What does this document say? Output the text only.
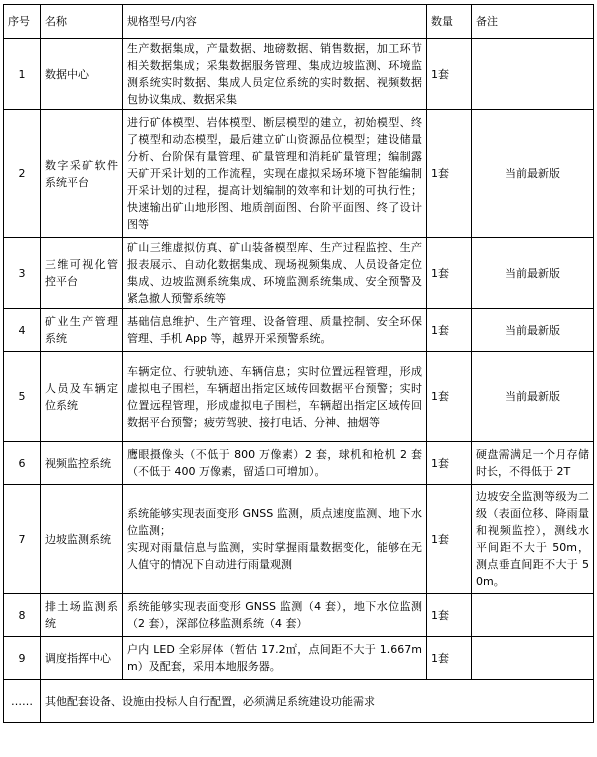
序号	名称	规格型号/内容	数量	备注
1	数据中心	生产数据集成，产量数据、地磅数据、销售数据，加工环节相关数据集成；采集数据服务管理、集成边坡监测、环境监测系统实时数据、集成人员定位系统的实时数据、视频数据包协议集成、数据采集	1套	
2	数字采矿软件系统平台	进行矿体模型、岩体模型、断层模型的建立，初始模型、终了模型和动态模型，最后建立矿山资源品位模型；建设储量分析、台阶保有量管理、矿量管理和消耗矿量管理；编制露天矿开采计划的工作流程，实现在虚拟采场环境下智能编制开采计划的过程，提高计划编制的效率和计划的可执行性；快速输出矿山地形图、地质剖面图、台阶平面图、终了设计图等	1套	当前最新版
3	三维可视化管控平台	矿山三维虚拟仿真、矿山装备模型库、生产过程监控、生产报表展示、自动化数据集成、现场视频集成、人员设备定位集成、边坡监测系统集成、环境监测系统集成、安全预警及紧急撤人预警系统等	1套	当前最新版
4	矿业生产管理系统	基础信息维护、生产管理、设备管理、质量控制、安全环保管理、手机 App 等，越界开采预警系统。	1套	当前最新版
5	人员及车辆定位系统	车辆定位、行驶轨迹、车辆信息；实时位置远程管理，形成虚拟电子围栏，车辆超出指定区域传回数据平台预警；实时位置远程管理，形成虚拟电子围栏，车辆超出指定区域传回数据平台预警；疲劳驾驶、接打电话、分神、抽烟等	1套	当前最新版
6	视频监控系统	鹰眼摄像头（不低于 800 万像素）2 套，球机和枪机 2 套（不低于 400 万像素，留适口可增加）。	1套	硬盘需满足一个月存储时长，不得低于 2T
7	边坡监测系统	系统能够实现表面变形 GNSS 监测，质点速度监测、地下水位监测；
实现对雨量信息与监测，实时掌握雨量数据变化，能够在无人值守的情况下自动进行雨量观测	1套	边坡安全监测等级为二级（表面位移、降雨量和视频监控），测线水平间距不大于 50m，测点垂直间距不大于 50m。
8	排土场监测系统	系统能够实现表面变形 GNSS 监测（4 套），地下水位监测（2 套），深部位移监测系统（4 套）	1套	
9	调度指挥中心	户内 LED 全彩屏体（暂估 17.2㎡，点间距不大于 1.667mm）及配套，采用本地服务器。	1套	
……	其他配套设备、设施由投标人自行配置，必须满足系统建设功能需求			
